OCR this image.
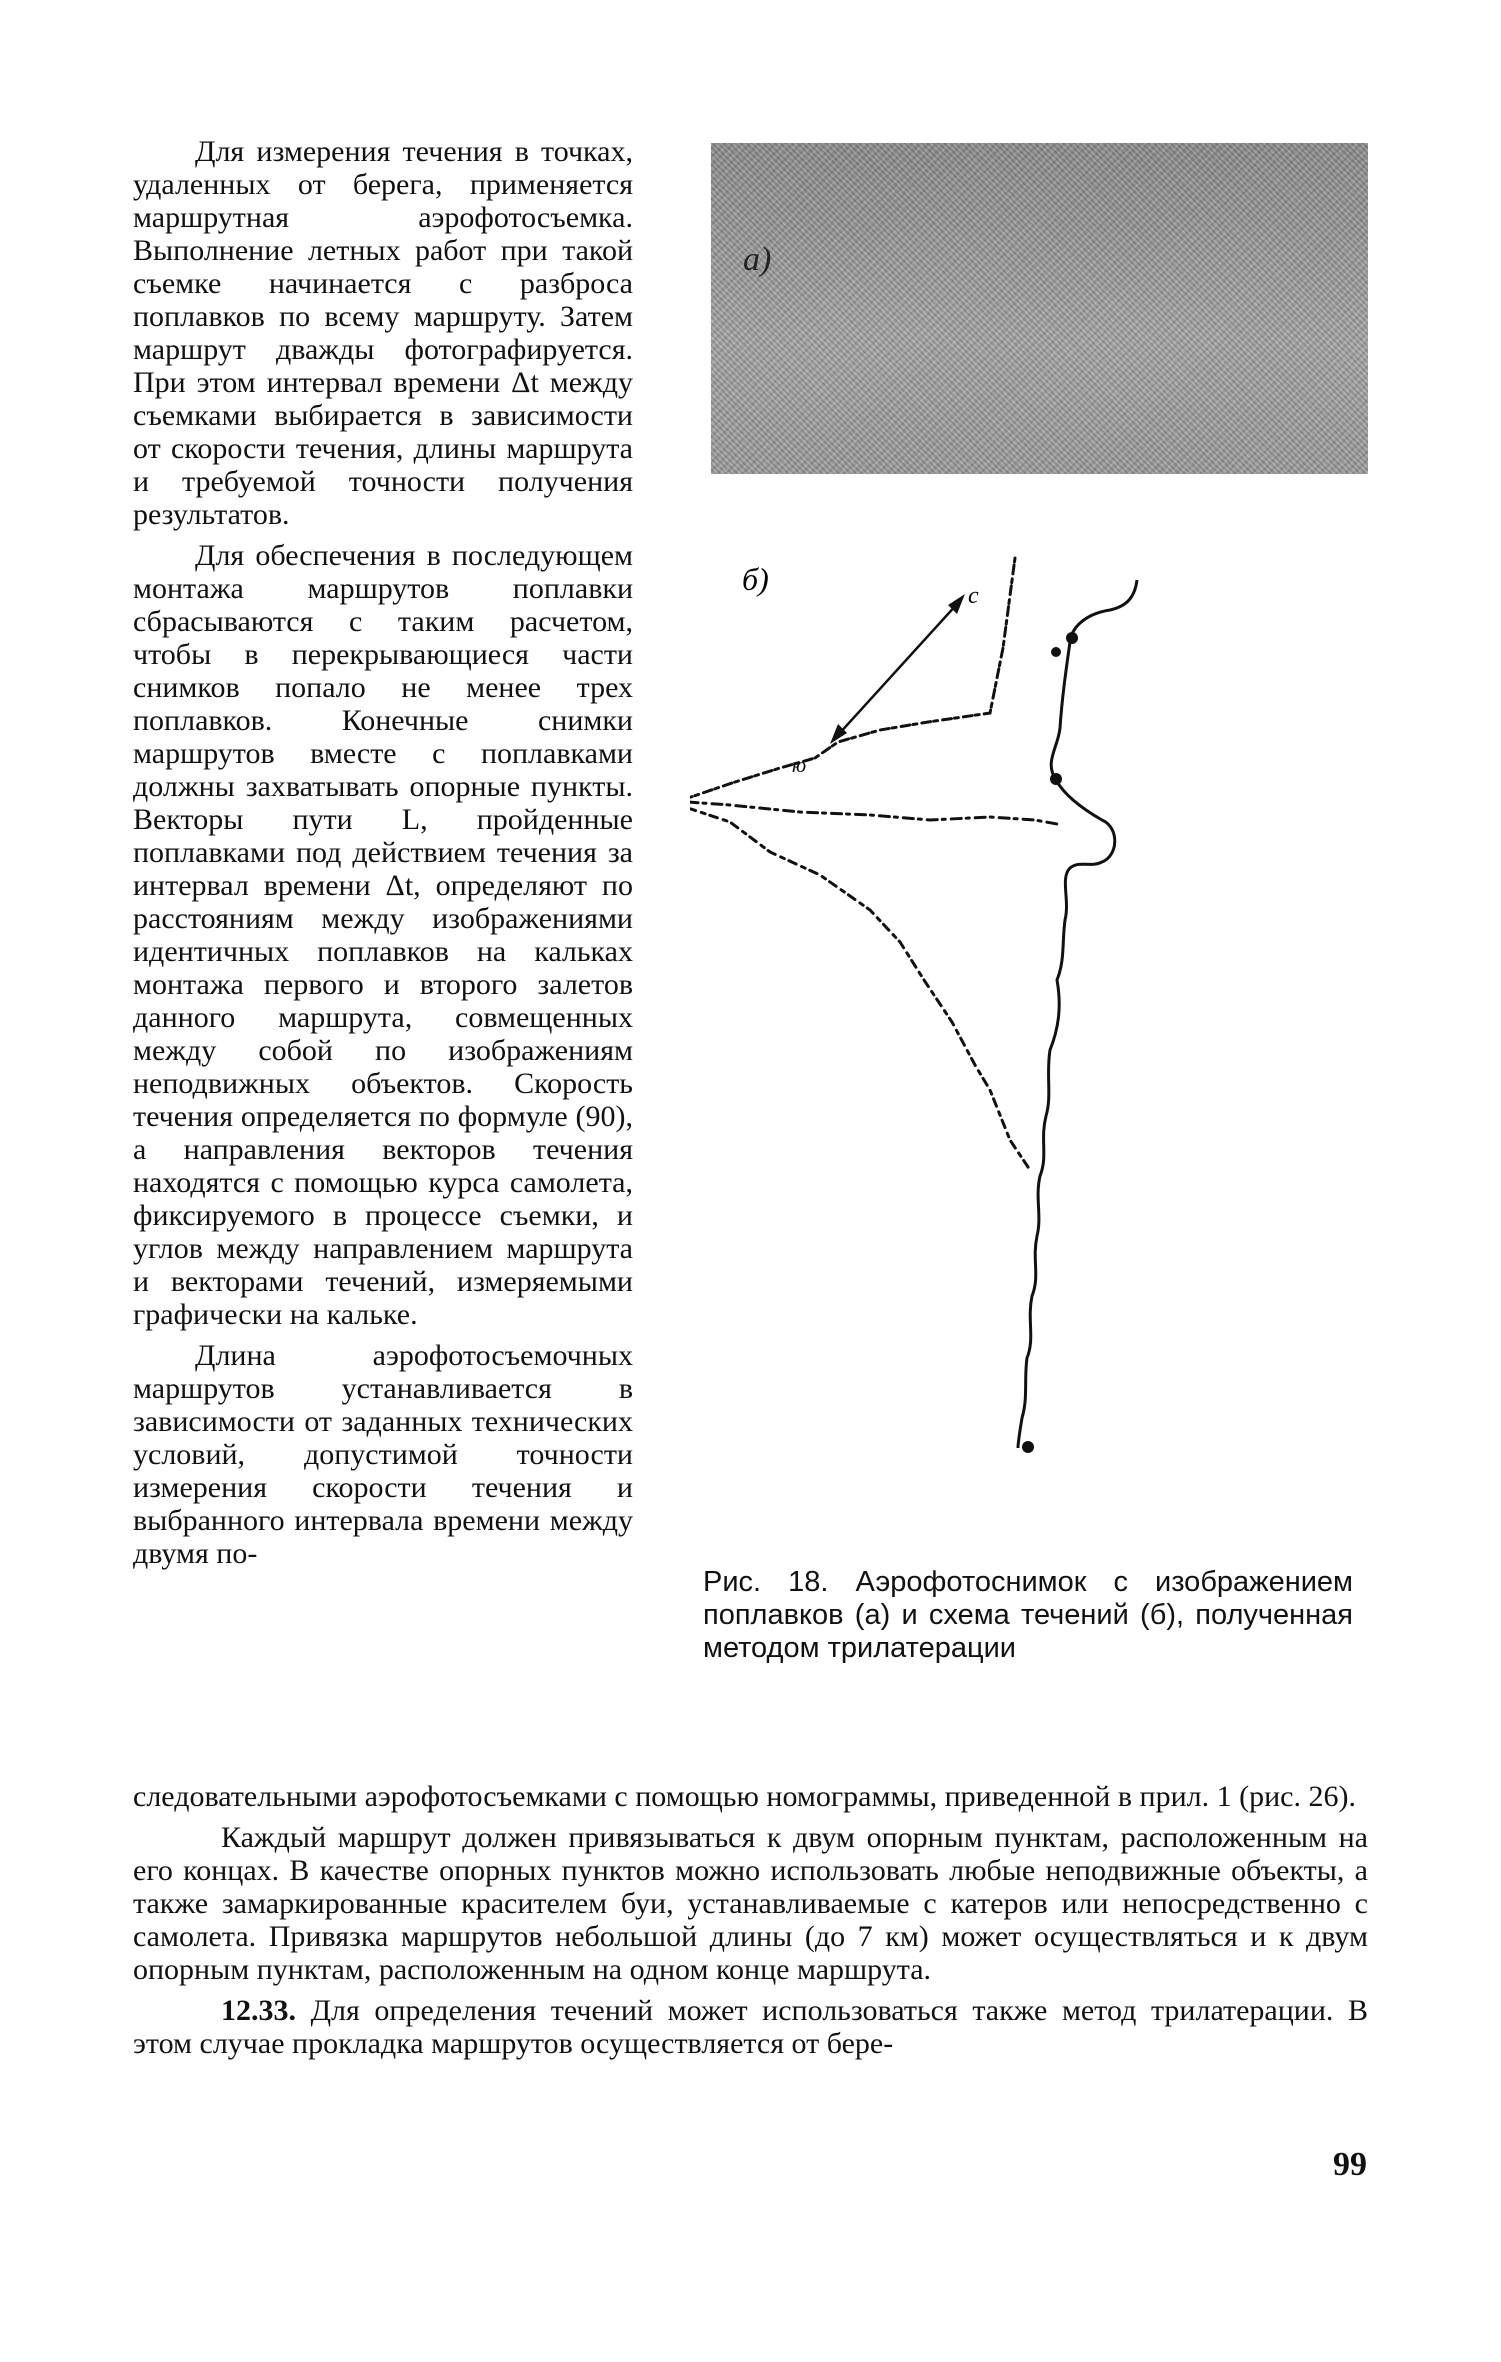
Для измерения течения в точках, удаленных от берега, применяется маршрутная аэрофотосъемка. Выполнение летных работ при такой съемке начинается с разброса поплавков по всему маршруту. Затем маршрут дважды фотографируется. При этом интервал времени Δt между съемками выбирается в зависимости от скорости течения, длины маршрута и требуемой точности получения результатов.

Для обеспечения в последующем монтажа маршрутов поплавки сбрасываются с таким расчетом, чтобы в перекрывающиеся части снимков попало не менее трех поплавков. Конечные снимки маршрутов вместе с поплавками должны захватывать опорные пункты. Векторы пути L, пройденные поплавками под действием течения за интервал времени Δt, определяют по расстояниям между изображениями идентичных поплавков на кальках монтажа первого и второго залетов данного маршрута, совмещенных между собой по изображениям неподвижных объектов. Скорость течения определяется по формуле (90), а направления векторов течения находятся с помощью курса самолета, фиксируемого в процессе съемки, и углов между направлением маршрута и векторами течений, измеряемыми графически на кальке.

Длина аэрофотосъемочных маршрутов устанавливается в зависимости от заданных технических условий, допустимой точности измерения скорости течения и выбранного интервала времени между двумя по-

а)
б)	с
ю
Рис. 18. Аэрофотоснимок с изображением поплавков (а) и схема течений (б), полученная методом трилатерации

следовательными аэрофотосъемками с помощью номограммы, приведенной в прил. 1 (рис. 26).

Каждый маршрут должен привязываться к двум опорным пунктам, расположенным на его концах. В качестве опорных пунктов можно использовать любые неподвижные объекты, а также замаркированные красителем буи, устанавливаемые с катеров или непосредственно с самолета. Привязка маршрутов небольшой длины (до 7 км) может осуществляться и к двум опорным пунктам, расположенным на одном конце маршрута.

12.33. Для определения течений может использоваться также метод трилатерации. В этом случае прокладка маршрутов осуществляется от бере-

99
